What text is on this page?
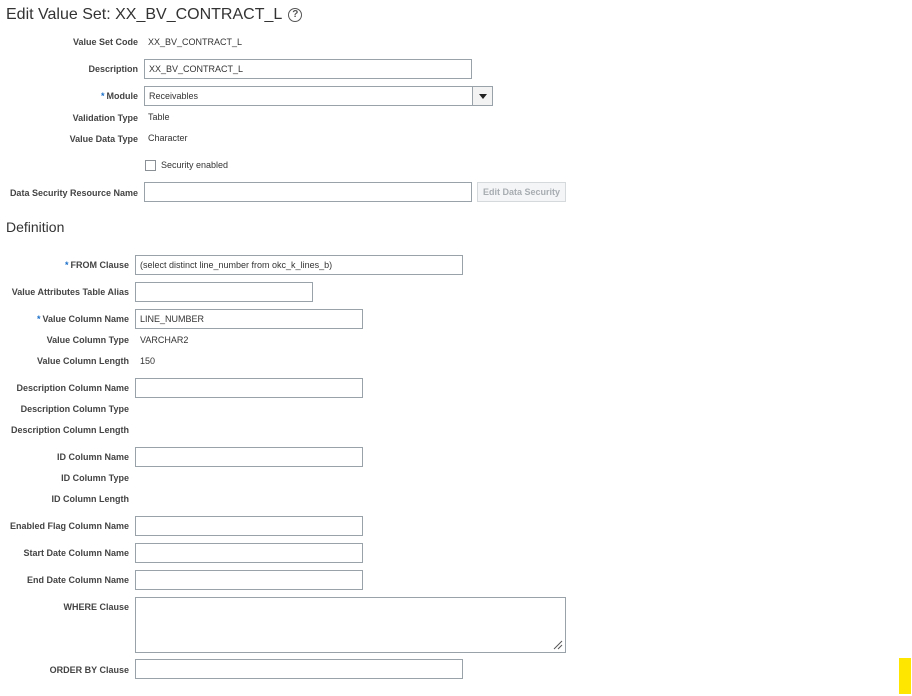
Edit Value Set: XX_BV_CONTRACT_L ?
Value Set Code XX_BV_CONTRACT_L
Description	XX_BV_CONTRACT_L
* Module	Receivables
Validation Type Table
Value Data Type Character
Security enabled
Data Security Resource Name	Edit Data Security
Definition
* FROM Clause	(select distinct line_number from okc_k_lines_b)
Value Attributes Table Alias
* Value Column Name	LINE_NUMBER
Value Column Type VARCHAR2
Value Column Length 150
Description Column Name
Description Column Type
Description Column Length
ID Column Name
ID Column Type
ID Column Length
Enabled Flag Column Name
Start Date Column Name
End Date Column Name
WHERE Clause
ORDER BY Clause
